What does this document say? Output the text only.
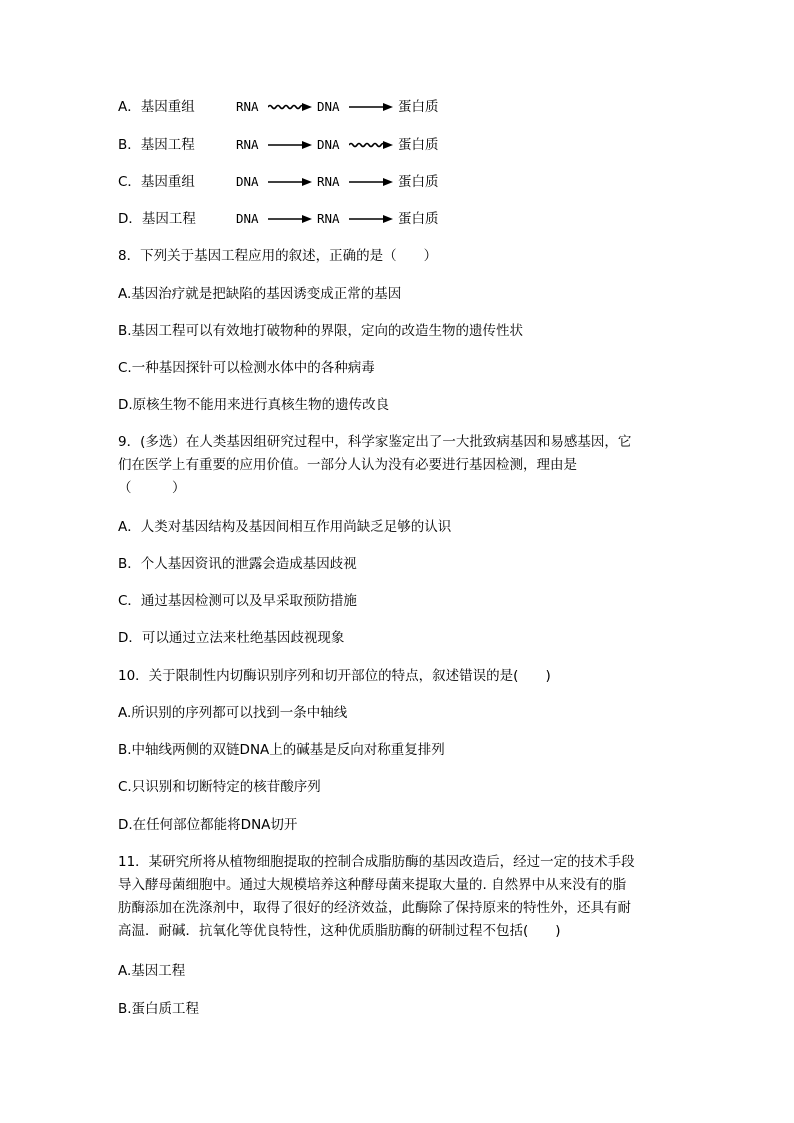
A．基因重组	RNA	DNA	蛋白质
B．基因工程	RNA	DNA	蛋白质
C．基因重组	DNA	RNA	蛋白质
D．基因工程	DNA	RNA	蛋白质
8．下列关于基因工程应用的叙述，正确的是（　　）
A.基因治疗就是把缺陷的基因诱变成正常的基因
B.基因工程可以有效地打破物种的界限，定向的改造生物的遗传性状
C.一种基因探针可以检测水体中的各种病毒
D.原核生物不能用来进行真核生物的遗传改良
9．(多选）在人类基因组研究过程中，科学家鉴定出了一大批致病基因和易感基因，它
们在医学上有重要的应用价值。一部分人认为没有必要进行基因检测，理由是
（　　　）
A．人类对基因结构及基因间相互作用尚缺乏足够的认识
B．个人基因资讯的泄露会造成基因歧视
C．通过基因检测可以及早采取预防措施
D．可以通过立法来杜绝基因歧视现象
10．关于限制性内切酶识别序列和切开部位的特点，叙述错误的是(　　)
A.所识别的序列都可以找到一条中轴线
B.中轴线两侧的双链DNA上的碱基是反向对称重复排列
C.只识别和切断特定的核苷酸序列
D.在任何部位都能将DNA切开
11．某研究所将从植物细胞提取的控制合成脂肪酶的基因改造后，经过一定的技术手段
导入酵母菌细胞中。通过大规模培养这种酵母菌来提取大量的. 自然界中从来没有的脂
肪酶添加在洗涤剂中，取得了很好的经济效益，此酶除了保持原来的特性外，还具有耐
高温．耐碱．抗氧化等优良特性，这种优质脂肪酶的研制过程不包括(　　)
A.基因工程
B.蛋白质工程
